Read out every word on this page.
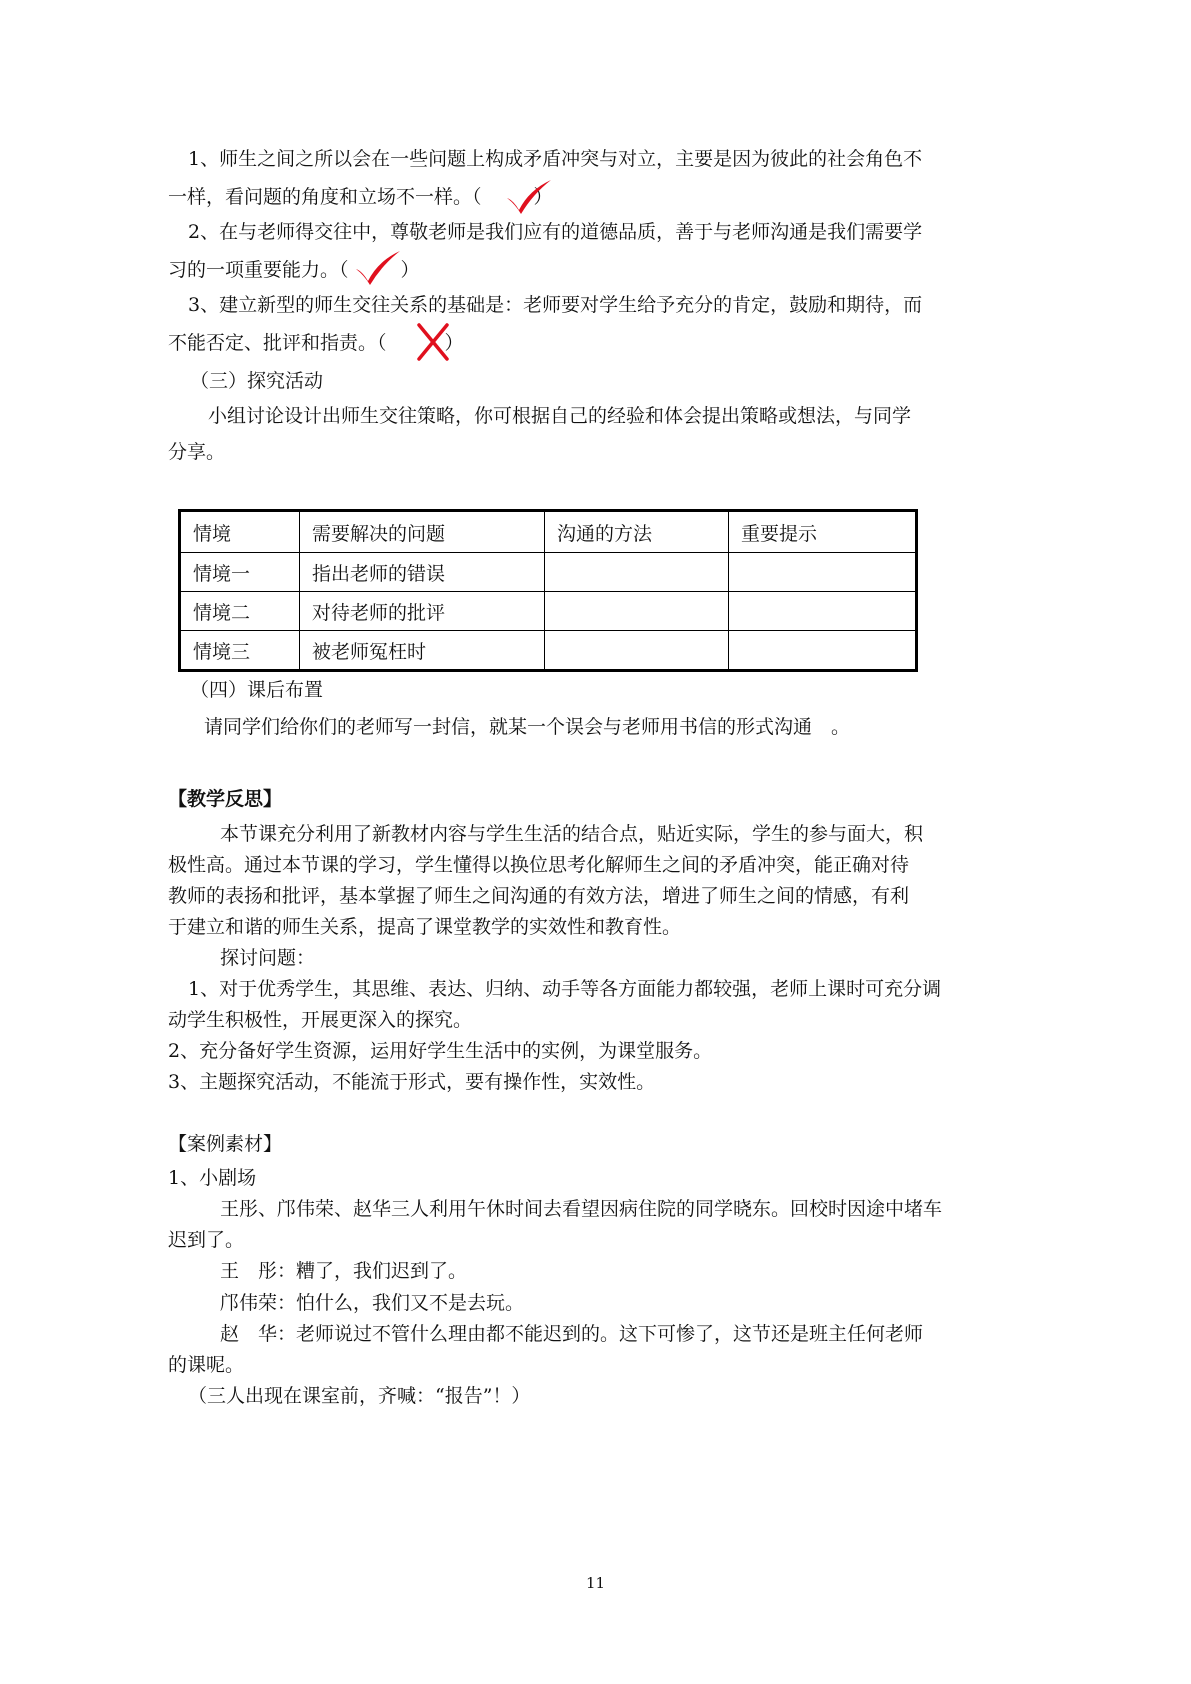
1、师生之间之所以会在一些问题上构成矛盾冲突与对立，主要是因为彼此的社会角色不
一样，看问题的角度和立场不一样。（	）
2、在与老师得交往中，尊敬老师是我们应有的道德品质，善于与老师沟通是我们需要学
习的一项重要能力。（	）
3、建立新型的师生交往关系的基础是：老师要对学生给予充分的肯定，鼓励和期待，而
不能否定、批评和指责。（	）
（三）探究活动
小组讨论设计出师生交往策略，你可根据自己的经验和体会提出策略或想法，与同学
分享。
情境	需要解决的问题	沟通的方法	重要提示
情境一	指出老师的错误		
情境二	对待老师的批评		
情境三	被老师冤枉时		
（四）课后布置
请同学们给你们的老师写一封信，就某一个误会与老师用书信的形式沟通　。
【教学反思】
本节课充分利用了新教材内容与学生生活的结合点，贴近实际，学生的参与面大，积
极性高。通过本节课的学习，学生懂得以换位思考化解师生之间的矛盾冲突，能正确对待
教师的表扬和批评，基本掌握了师生之间沟通的有效方法，增进了师生之间的情感，有利
于建立和谐的师生关系，提高了课堂教学的实效性和教育性。
探讨问题：
1、对于优秀学生，其思维、表达、归纳、动手等各方面能力都较强，老师上课时可充分调
动学生积极性，开展更深入的探究。
2、充分备好学生资源，运用好学生生活中的实例，为课堂服务。
3、主题探究活动，不能流于形式，要有操作性，实效性。
【案例素材】
1、小剧场
王彤、邝伟荣、赵华三人利用午休时间去看望因病住院的同学晓东。回校时因途中堵车
迟到了。
王　彤：糟了，我们迟到了。
邝伟荣：怕什么，我们又不是去玩。
赵　华：老师说过不管什么理由都不能迟到的。这下可惨了，这节还是班主任何老师
的课呢。
（三人出现在课室前，齐喊：“报告”！）
11
